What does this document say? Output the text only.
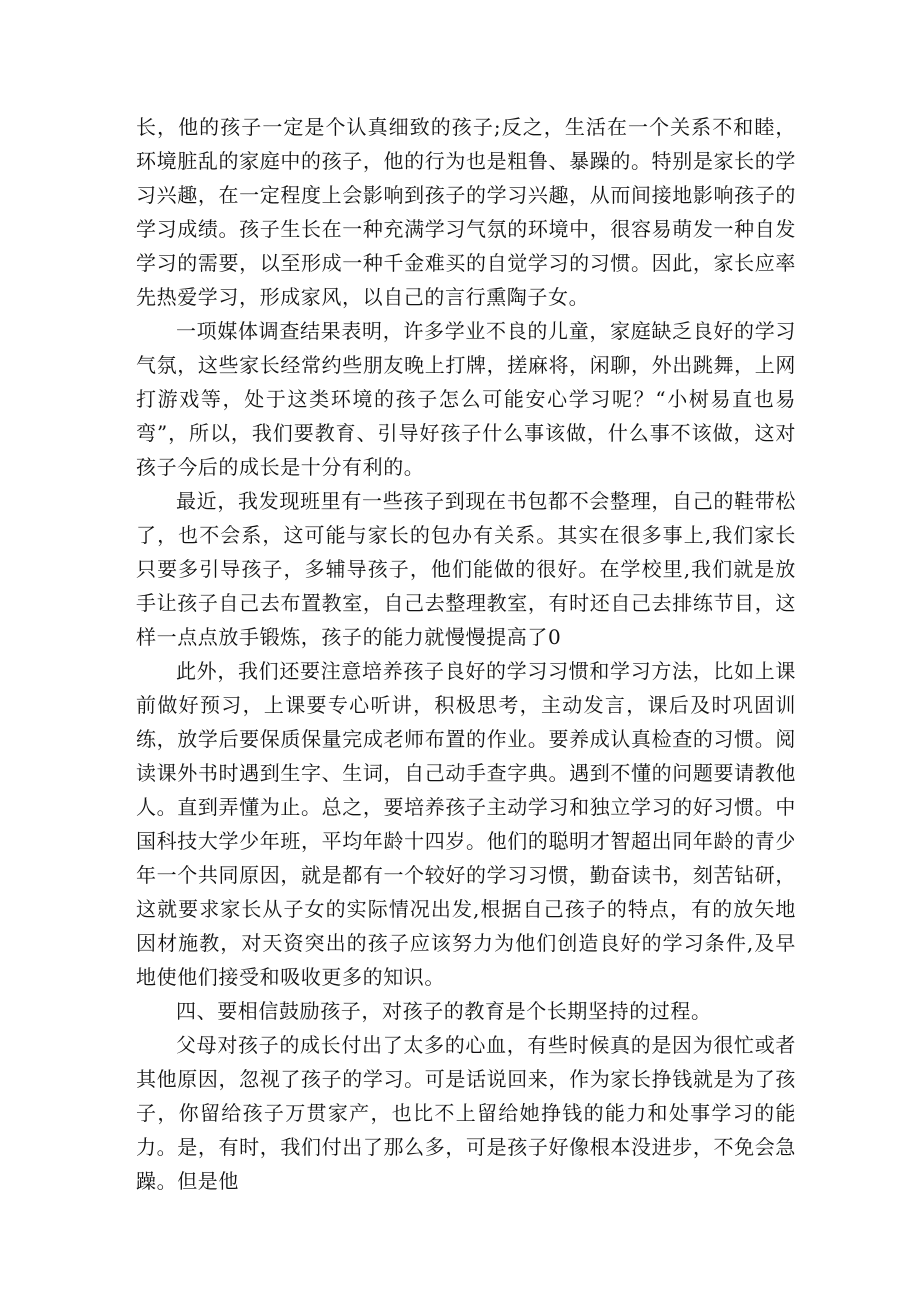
长，他的孩子一定是个认真细致的孩子;反之，生活在一个关系不和睦，环境脏乱的家庭中的孩子，他的行为也是粗鲁、暴躁的。特别是家长的学习兴趣，在一定程度上会影响到孩子的学习兴趣，从而间接地影响孩子的学习成绩。孩子生长在一种充满学习气氛的环境中，很容易萌发一种自发学习的需要，以至形成一种千金难买的自觉学习的习惯。因此，家长应率先热爱学习，形成家风，以自己的言行熏陶子女。

一项媒体调查结果表明，许多学业不良的儿童，家庭缺乏良好的学习气氛，这些家长经常约些朋友晚上打牌，搓麻将，闲聊，外出跳舞，上网打游戏等，处于这类环境的孩子怎么可能安心学习呢？“小树易直也易弯”，所以，我们要教育、引导好孩子什么事该做，什么事不该做，这对孩子今后的成长是十分有利的。

最近，我发现班里有一些孩子到现在书包都不会整理，自己的鞋带松了，也不会系，这可能与家长的包办有关系。其实在很多事上,我们家长只要多引导孩子，多辅导孩子，他们能做的很好。在学校里,我们就是放手让孩子自己去布置教室，自己去整理教室，有时还自己去排练节目，这样一点点放手锻炼，孩子的能力就慢慢提高了0

此外，我们还要注意培养孩子良好的学习习惯和学习方法，比如上课前做好预习，上课要专心听讲，积极思考，主动发言，课后及时巩固训练，放学后要保质保量完成老师布置的作业。要养成认真检查的习惯。阅读课外书时遇到生字、生词，自己动手查字典。遇到不懂的问题要请教他人。直到弄懂为止。总之，要培养孩子主动学习和独立学习的好习惯。中国科技大学少年班，平均年龄十四岁。他们的聪明才智超出同年龄的青少年一个共同原因，就是都有一个较好的学习习惯，勤奋读书，刻苦钻研，这就要求家长从子女的实际情况出发,根据自己孩子的特点，有的放矢地因材施教，对天资突出的孩子应该努力为他们创造良好的学习条件,及早地使他们接受和吸收更多的知识。

四、要相信鼓励孩子，对孩子的教育是个长期坚持的过程。

父母对孩子的成长付出了太多的心血，有些时候真的是因为很忙或者其他原因，忽视了孩子的学习。可是话说回来，作为家长挣钱就是为了孩子，你留给孩子万贯家产，也比不上留给她挣钱的能力和处事学习的能力。是，有时，我们付出了那么多，可是孩子好像根本没进步，不免会急躁。但是他
